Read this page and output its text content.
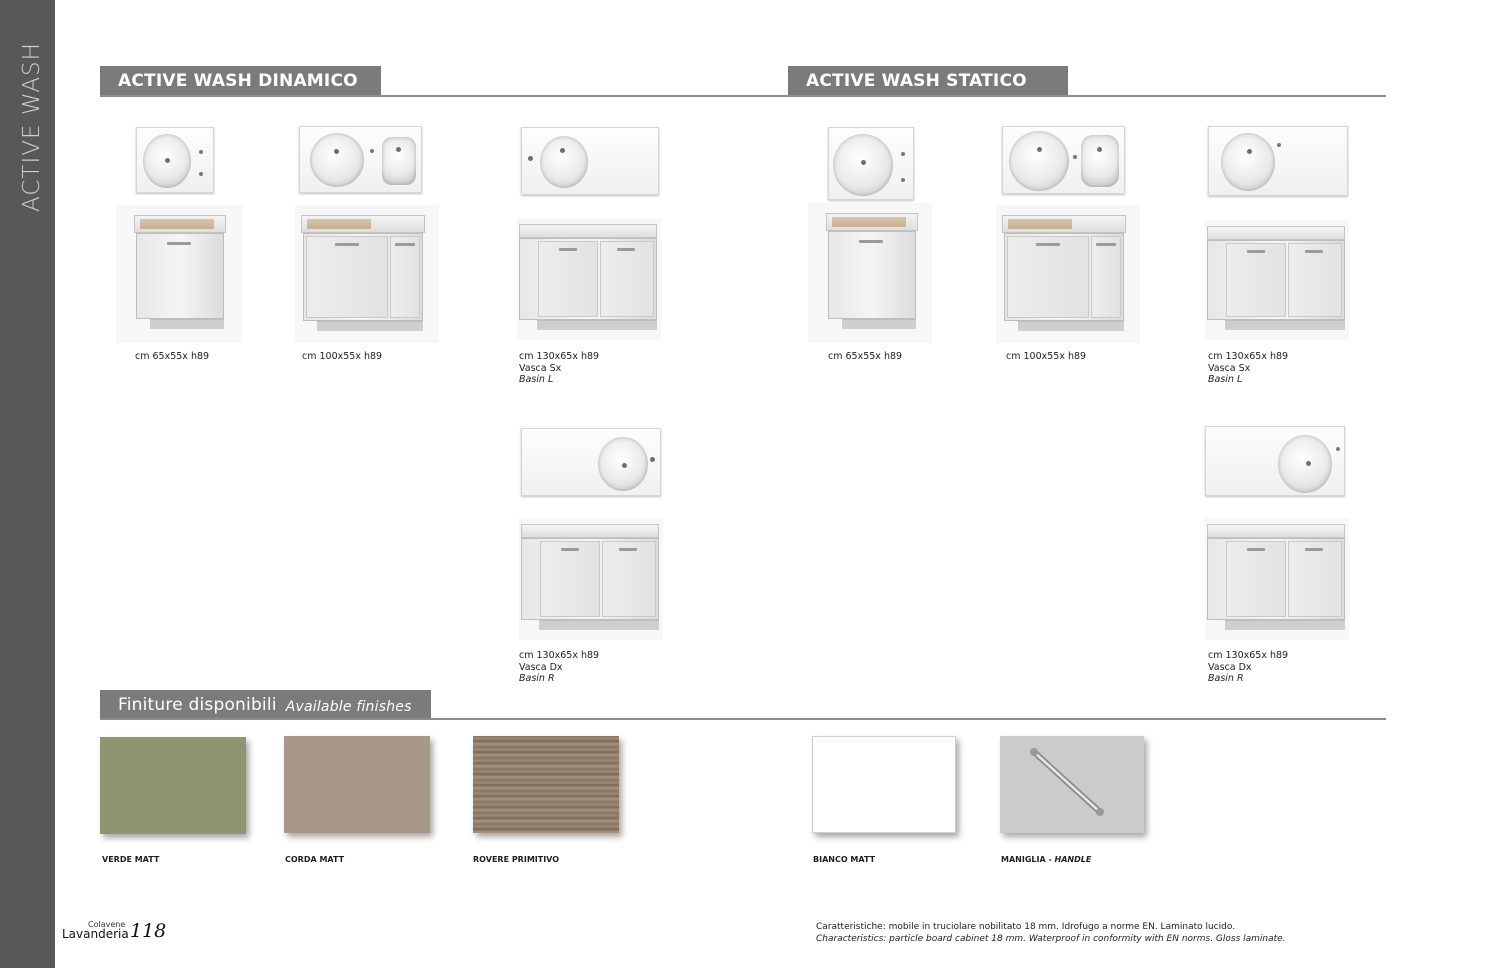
ACTIVE WASH	ACTIVE WASH DINAMICO	ACTIVE WASH STATICO
cm 65x55x h89	cm 100x55x h89	cm 130x65x h89
Vasca Sx
Basin L
cm 65x55x h89	cm 100x55x h89	cm 130x65x h89
Vasca Sx
Basin L
cm 130x65x h89
Vasca Dx
Basin R
cm 130x65x h89
Vasca Dx
Basin R
Finiture disponibili Available finishes
VERDE MATT	CORDA MATT	ROVERE PRIMITIVO	BIANCO MATT	MANIGLIA - HANDLE
Colavene
Lavanderia 118	Caratteristiche: mobile in truciolare nobilitato 18 mm. Idrofugo a norme EN. Laminato lucido.
Characteristics: particle board cabinet 18 mm. Waterproof in conformity with EN norms. Gloss laminate.
